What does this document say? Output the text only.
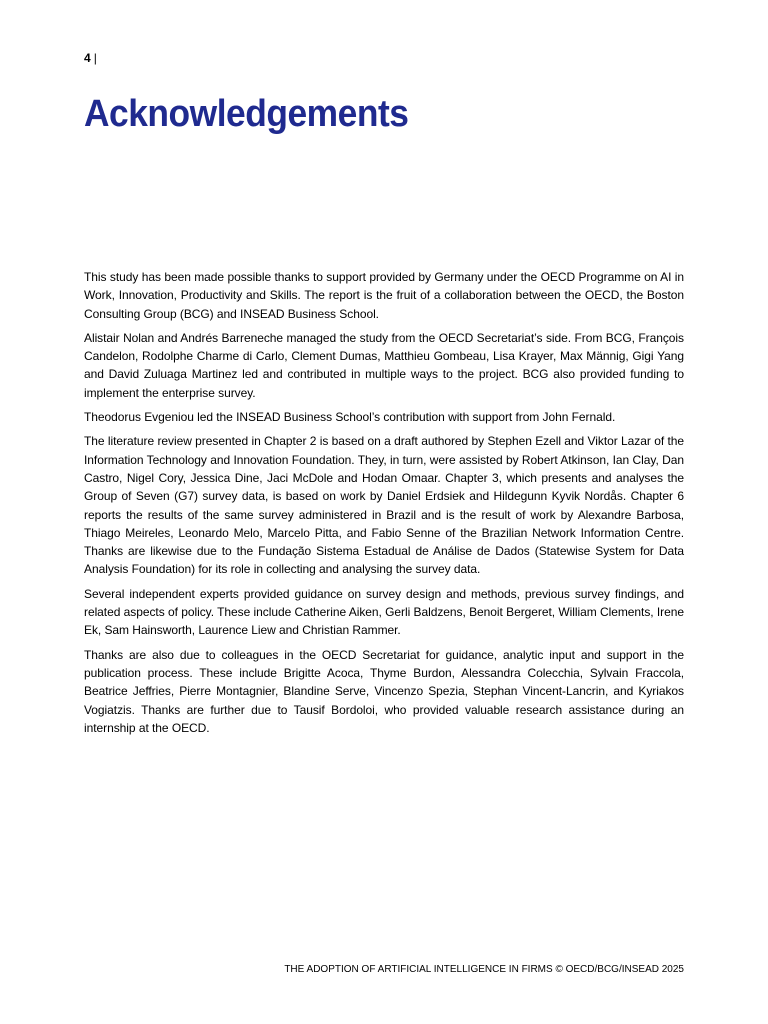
4 |
Acknowledgements

This study has been made possible thanks to support provided by Germany under the OECD Programme on AI in Work, Innovation, Productivity and Skills. The report is the fruit of a collaboration between the OECD, the Boston Consulting Group (BCG) and INSEAD Business School.

Alistair Nolan and Andrés Barreneche managed the study from the OECD Secretariat’s side. From BCG, François Candelon, Rodolphe Charme di Carlo, Clement Dumas, Matthieu Gombeau, Lisa Krayer, Max Männig, Gigi Yang and David Zuluaga Martinez led and contributed in multiple ways to the project. BCG also provided funding to implement the enterprise survey.

Theodorus Evgeniou led the INSEAD Business School’s contribution with support from John Fernald.

The literature review presented in Chapter 2 is based on a draft authored by Stephen Ezell and Viktor Lazar of the Information Technology and Innovation Foundation. They, in turn, were assisted by Robert Atkinson, Ian Clay, Dan Castro, Nigel Cory, Jessica Dine, Jaci McDole and Hodan Omaar. Chapter 3, which presents and analyses the Group of Seven (G7) survey data, is based on work by Daniel Erdsiek and Hildegunn Kyvik Nordås. Chapter 6 reports the results of the same survey administered in Brazil and is the result of work by Alexandre Barbosa, Thiago Meireles, Leonardo Melo, Marcelo Pitta, and Fabio Senne of the Brazilian Network Information Centre. Thanks are likewise due to the Fundação Sistema Estadual de Análise de Dados (Statewise System for Data Analysis Foundation) for its role in collecting and analysing the survey data.

Several independent experts provided guidance on survey design and methods, previous survey findings, and related aspects of policy. These include Catherine Aiken, Gerli Baldzens, Benoit Bergeret, William Clements, Irene Ek, Sam Hainsworth, Laurence Liew and Christian Rammer.

Thanks are also due to colleagues in the OECD Secretariat for guidance, analytic input and support in the publication process. These include Brigitte Acoca, Thyme Burdon, Alessandra Colecchia, Sylvain Fraccola, Beatrice Jeffries, Pierre Montagnier, Blandine Serve, Vincenzo Spezia, Stephan Vincent-Lancrin, and Kyriakos Vogiatzis. Thanks are further due to Tausif Bordoloi, who provided valuable research assistance during an internship at the OECD.

THE ADOPTION OF ARTIFICIAL INTELLIGENCE IN FIRMS © OECD/BCG/INSEAD 2025
